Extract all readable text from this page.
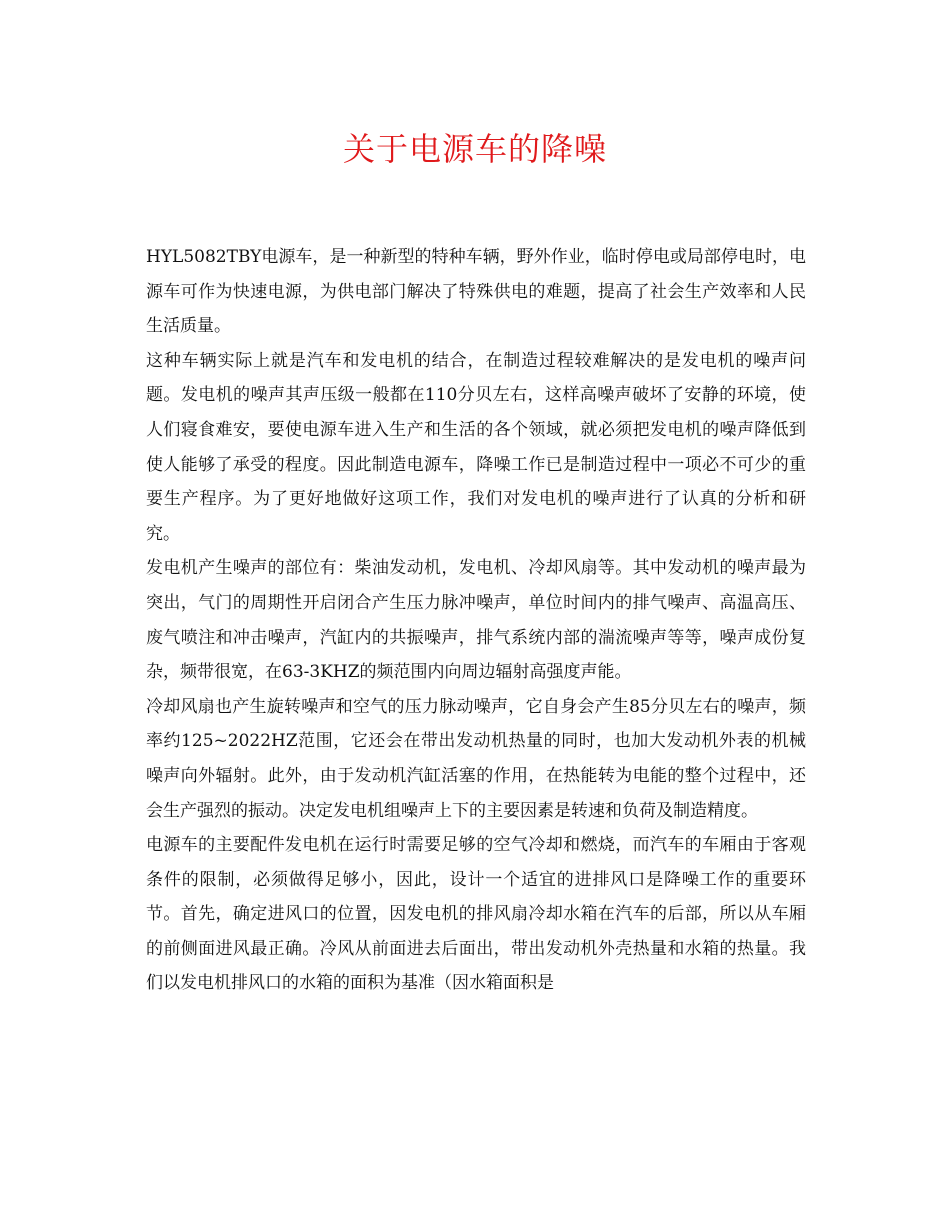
关于电源车的降噪

HYL5082TBY电源车，是一种新型的特种车辆，野外作业，临时停电或局部停电时，电源车可作为快速电源，为供电部门解决了特殊供电的难题，提高了社会生产效率和人民生活质量。

这种车辆实际上就是汽车和发电机的结合，在制造过程较难解决的是发电机的噪声问题。发电机的噪声其声压级一般都在110分贝左右，这样高噪声破坏了安静的环境，使人们寝食难安，要使电源车进入生产和生活的各个领域，就必须把发电机的噪声降低到使人能够了承受的程度。因此制造电源车，降噪工作已是制造过程中一项必不可少的重要生产程序。为了更好地做好这项工作，我们对发电机的噪声进行了认真的分析和研究。

发电机产生噪声的部位有：柴油发动机，发电机、冷却风扇等。其中发动机的噪声最为突出，气门的周期性开启闭合产生压力脉冲噪声，单位时间内的排气噪声、高温高压、废气喷注和冲击噪声，汽缸内的共振噪声，排气系统内部的湍流噪声等等，噪声成份复杂，频带很宽，在63-3KHZ的频范围内向周边辐射高强度声能。

冷却风扇也产生旋转噪声和空气的压力脉动噪声，它自身会产生85分贝左右的噪声，频率约125~2022HZ范围，它还会在带出发动机热量的同时，也加大发动机外表的机械噪声向外辐射。此外，由于发动机汽缸活塞的作用，在热能转为电能的整个过程中，还会生产强烈的振动。决定发电机组噪声上下的主要因素是转速和负荷及制造精度。

电源车的主要配件发电机在运行时需要足够的空气冷却和燃烧，而汽车的车厢由于客观条件的限制，必须做得足够小，因此，设计一个适宜的进排风口是降噪工作的重要环节。首先，确定进风口的位置，因发电机的排风扇冷却水箱在汽车的后部，所以从车厢的前侧面进风最正确。冷风从前面进去后面出，带出发动机外壳热量和水箱的热量。我们以发电机排风口的水箱的面积为基准（因水箱面积是
